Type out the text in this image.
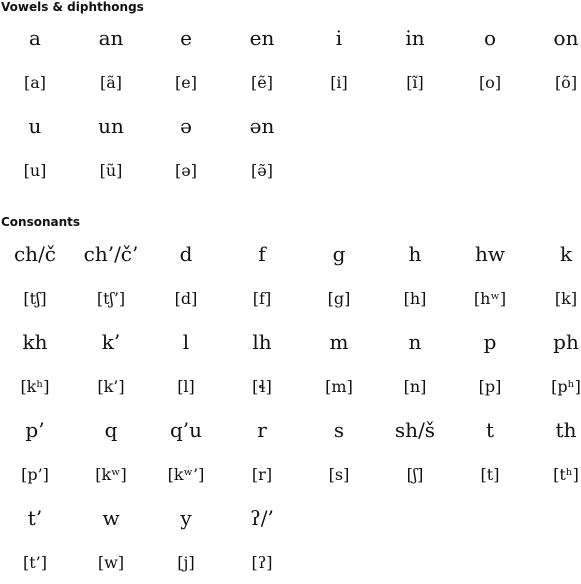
Vowels & diphthongs
a	an	e	en	i	in	o	on
[a]	[ã]	[e]	[ẽ]	[i]	[ĩ]	[o]	[õ]
u	un	ə	ən
[u]	[ũ]	[ə]	[ə̃]
Consonants
ch/č	ch’/č’	d	f	g	h	hw	k
[tʃ]	[tʃ’]	[d]	[f]	[g]	[h]	[hʷ]	[k]
kh	k’	l	lh	m	n	p	ph
[kʰ]	[k’]	[l]	[ɬ]	[m]	[n]	[p]	[pʰ]
p’	q	q’u	r	s	sh/š	t	th
[p’]	[kʷ]	[kʷ’]	[r]	[s]	[ʃ]	[t]	[tʰ]
t’	w	y	ʔ/’
[t’]	[w]	[j]	[ʔ]
